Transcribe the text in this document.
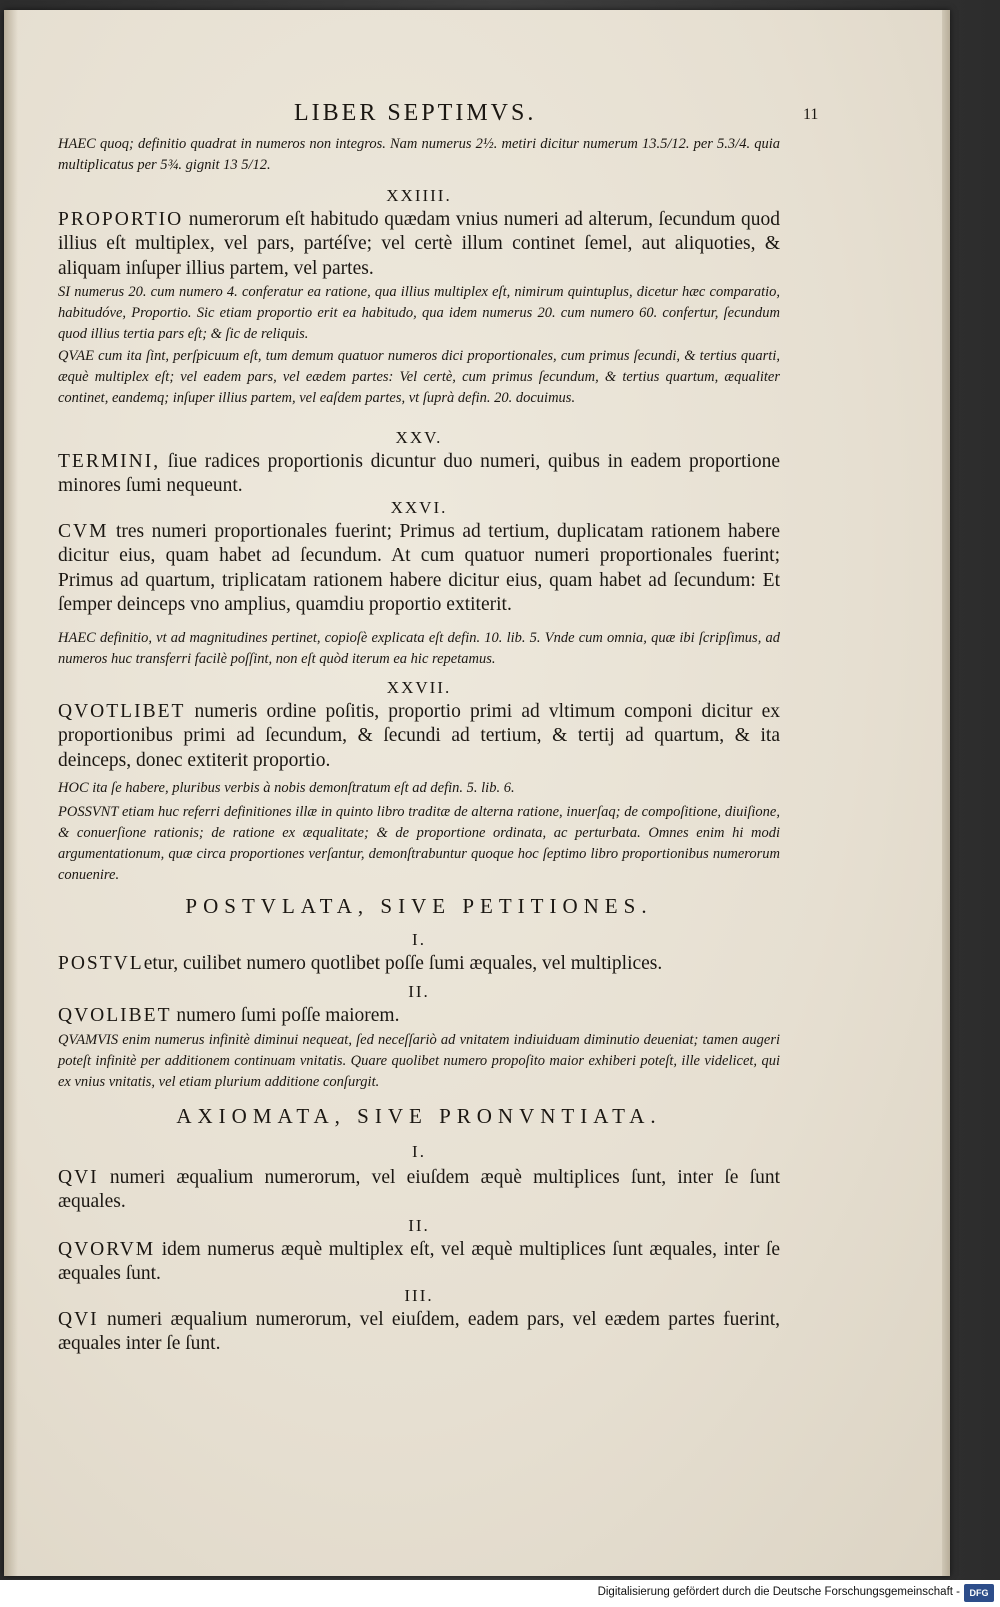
LIBER SEPTIMVS.	11
HAEC quoq; definitio quadrat in numeros non integros. Nam numerus 2½. metiri dicitur numerum 13.5/12. per 5.3/4. quia multiplicatus per 5¾. gignit 13 5/12.
XXIIII.
PROPORTIO numerorum eſt habitudo quædam vnius numeri ad alterum, ſecundum quod illius eſt multiplex, vel pars, partéſve; vel certè illum continet ſemel, aut aliquoties, & aliquam inſuper illius partem, vel partes.
SI numerus 20. cum numero 4. conferatur ea ratione, qua illius multiplex eſt, nimirum quintuplus, dicetur hæc comparatio, habitudóve, Proportio. Sic etiam proportio erit ea habitudo, qua idem numerus 20. cum numero 60. confertur, ſecundum quod illius tertia pars eſt; & ſic de reliquis.
QVAE cum ita ſint, perſpicuum eſt, tum demum quatuor numeros dici proportionales, cum primus ſecundi, & tertius quarti, æquè multiplex eſt; vel eadem pars, vel eædem partes: Vel certè, cum primus ſecundum, & tertius quartum, æqualiter continet, eandemq; inſuper illius partem, vel eaſdem partes, vt ſuprà defin. 20. docuimus.
XXV.
TERMINI, ſiue radices proportionis dicuntur duo numeri, quibus in eadem proportione minores ſumi nequeunt.
XXVI.
CVM tres numeri proportionales fuerint; Primus ad tertium, duplicatam rationem habere dicitur eius, quam habet ad ſecundum. At cum quatuor numeri proportionales fuerint; Primus ad quartum, triplicatam rationem habere dicitur eius, quam habet ad ſecundum: Et ſemper deinceps vno amplius, quamdiu proportio extiterit.
HAEC definitio, vt ad magnitudines pertinet, copioſè explicata eſt defin. 10. lib. 5. Vnde cum omnia, quæ ibi ſcripſimus, ad numeros huc transferri facilè poſſint, non eſt quòd iterum ea hic repetamus.
XXVII.
QVOTLIBET numeris ordine poſitis, proportio primi ad vltimum componi dicitur ex proportionibus primi ad ſecundum, & ſecundi ad tertium, & tertij ad quartum, & ita deinceps, donec extiterit proportio.
HOC ita ſe habere, pluribus verbis à nobis demonſtratum eſt ad defin. 5. lib. 6.
POSSVNT etiam huc referri definitiones illæ in quinto libro traditæ de alterna ratione, inuerſaq; de compoſitione, diuiſione, & conuerſione rationis; de ratione ex æqualitate; & de proportione ordinata, ac perturbata. Omnes enim hi modi argumentationum, quæ circa proportiones verſantur, demonſtrabuntur quoque hoc ſeptimo libro proportionibus numerorum conuenire.
POSTVLATA, SIVE PETITIONES.
I.
POSTVLetur, cuilibet numero quotlibet poſſe ſumi æquales, vel multiplices.
II.
QVOLIBET numero ſumi poſſe maiorem.
QVAMVIS enim numerus infinitè diminui nequeat, ſed neceſſariò ad vnitatem indiuiduam diminutio deueniat; tamen augeri poteſt infinitè per additionem continuam vnitatis. Quare quolibet numero propoſito maior exhiberi poteſt, ille videlicet, qui ex vnius vnitatis, vel etiam plurium additione conſurgit.
AXIOMATA, SIVE PRONVNTIATA.
I.
QVI numeri æqualium numerorum, vel eiuſdem æquè multiplices ſunt, inter ſe ſunt æquales.
II.
QVORVM idem numerus æquè multiplex eſt, vel æquè multiplices ſunt æquales, inter ſe æquales ſunt.
III.
QVI numeri æqualium numerorum, vel eiuſdem, eadem pars, vel eædem partes fuerint, æquales inter ſe ſunt.
Digitalisierung gefördert durch die Deutsche Forschungsgemeinschaft -	DFG
